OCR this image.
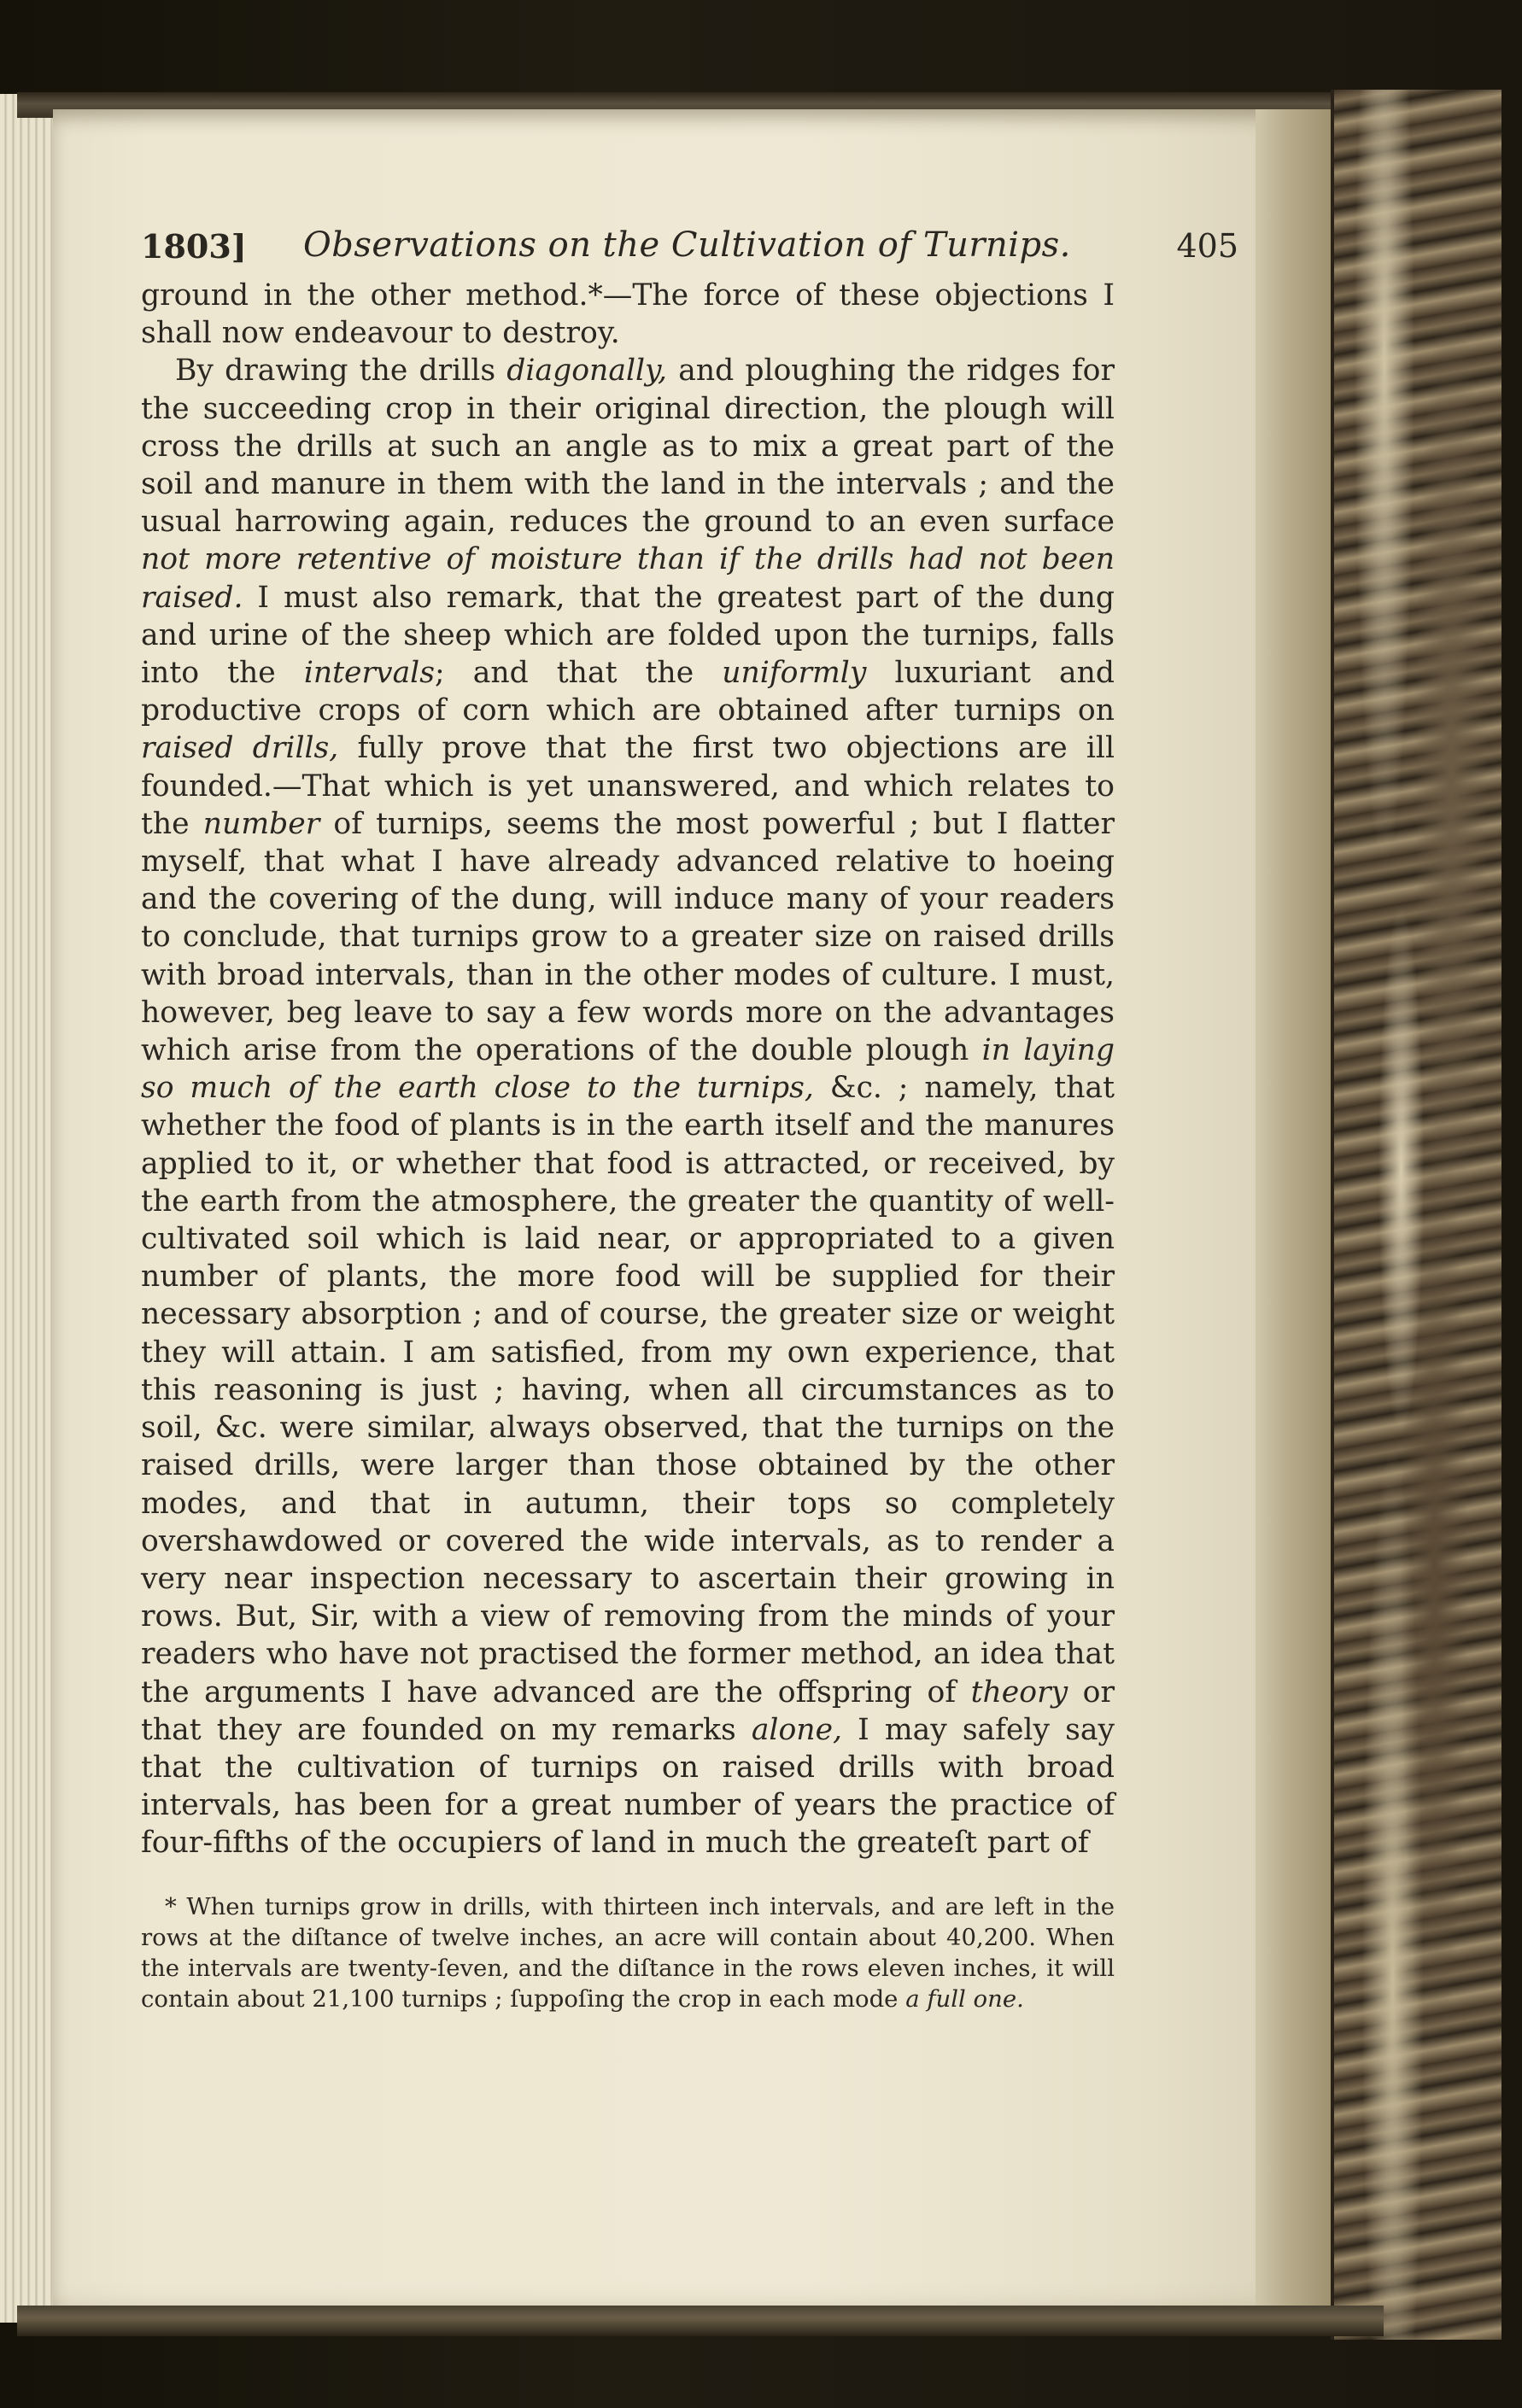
1803] Observations on the Cultivation of Turnips.	405

ground in the other method.*—The force of these objections I shall now endeavour to destroy.

By drawing the drills diagonally, and ploughing the ridges for the succeeding crop in their original direction, the plough will cross the drills at such an angle as to mix a great part of the soil and manure in them with the land in the intervals ; and the usual harrowing again, reduces the ground to an even surface not more retentive of moisture than if the drills had not been raised. I must also remark, that the greatest part of the dung and urine of the sheep which are folded upon the turnips, falls into the intervals; and that the uniformly luxuriant and productive crops of corn which are obtained after turnips on raised drills, fully prove that the first two objections are ill founded.—That which is yet unanswered, and which relates to the number of turnips, seems the most powerful ; but I flatter myself, that what I have already advanced relative to hoeing and the covering of the dung, will induce many of your readers to conclude, that turnips grow to a greater size on raised drills with broad intervals, than in the other modes of culture. I must, however, beg leave to say a few words more on the advantages which arise from the operations of the double plough in laying so much of the earth close to the turnips, &c. ; namely, that whether the food of plants is in the earth itself and the manures applied to it, or whether that food is attracted, or received, by the earth from the atmosphere, the greater the quantity of well-cultivated soil which is laid near, or appropriated to a given number of plants, the more food will be supplied for their necessary absorption ; and of course, the greater size or weight they will attain. I am satisfied, from my own experience, that this reasoning is just ; having, when all circumstances as to soil, &c. were similar, always observed, that the turnips on the raised drills, were larger than those obtained by the other modes, and that in autumn, their tops so completely overshawdowed or covered the wide intervals, as to render a very near inspection necessary to ascertain their growing in rows. But, Sir, with a view of removing from the minds of your readers who have not practised the former method, an idea that the arguments I have advanced are the offspring of theory or that they are founded on my remarks alone, I may safely say that the cultivation of turnips on raised drills with broad intervals, has been for a great number of years the practice of four-fifths of the occupiers of land in much the greateſt part of

* When turnips grow in drills, with thirteen inch intervals, and are left in the rows at the diſtance of twelve inches, an acre will contain about 40,200. When the intervals are twenty-ſeven, and the diſtance in the rows eleven inches, it will contain about 21,100 turnips ; ſuppoſing the crop in each mode a full one.
